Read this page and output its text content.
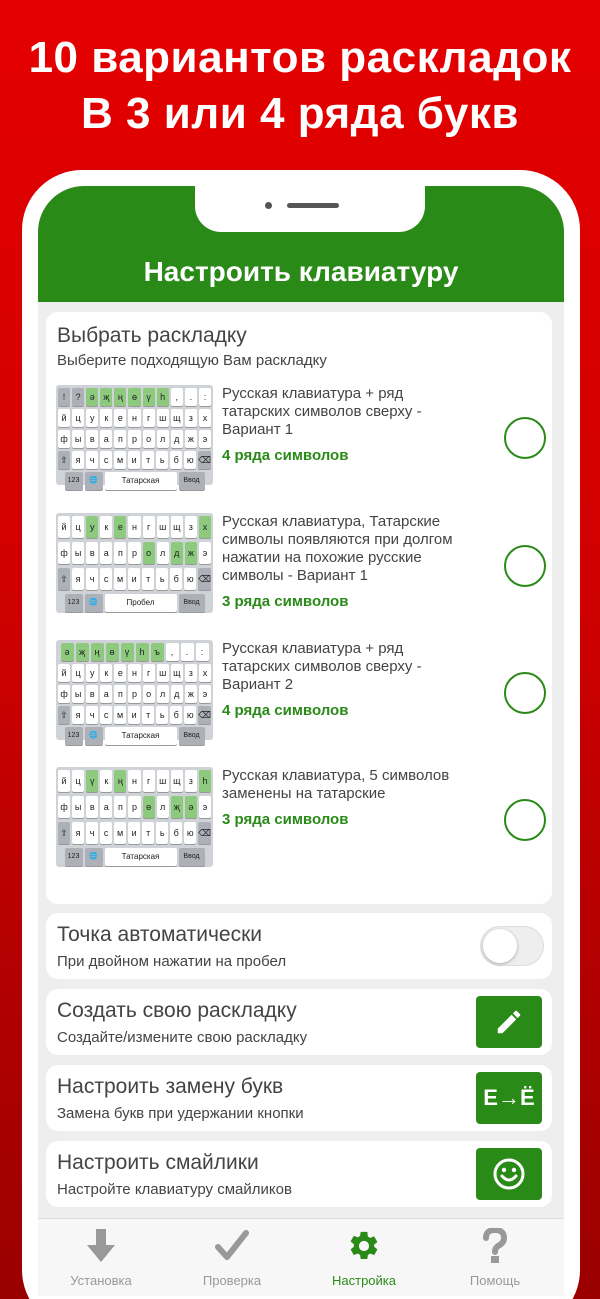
10 вариантов раскладок
В 3 или 4 ряда букв
Настроить клавиатуру
Выбрать раскладку
Выберите подходящую Вам раскладку
!	?	ә җ ң	ө	ү	һ	,	.	:
й	ц	у	к	е	н	г ш щ з	х
ф ы в	а	п	р	о л д ж э
⇧ я	ч	с м и	т	ь	б ю ⌫
123	🌐	Татарская	Ввод
Русская клавиатура + ряд татарских символов сверху - Вариант 1
4 ряда символов
й	ц	у	к	е	н	г ш щ з	х
ф ы в	а	п	р	о л д ж э
⇧ я	ч	с м и	т	ь	б ю ⌫
123	🌐	Пробел	Ввод
Русская клавиатура, Татарские символы появляются при долгом нажатии на похожие русские символы - Вариант 1
3 ряда символов
ә	җ	ң	ө	ү	һ	ъ	,	.	:
й	ц	у	к	е	н	г ш щ з	х
ф ы в	а	п	р	о л д ж э
⇧ я	ч	с м и	т	ь	б ю ⌫
123	🌐	Татарская	Ввод
Русская клавиатура + ряд татарских символов сверху - Вариант 2
4 ряда символов
й	ц	ү	к	ң	н	г ш щ з	һ
ф ы в	а	п	р	ө л җ ә	э
⇧ я	ч	с м и	т	ь	б ю ⌫
123	🌐	Татарская	Ввод
Русская клавиатура, 5 символов заменены на татарские
3 ряда символов
Точка автоматически
При двойном нажатии на пробел
Создать свою раскладку
Создайте/измените свою раскладку
Настроить замену букв
Замена букв при удержании кнопки
Е→Ё
Настроить смайлики
Настройте клавиатуру смайликов
Установка	Проверка	Настройка	Помощь
